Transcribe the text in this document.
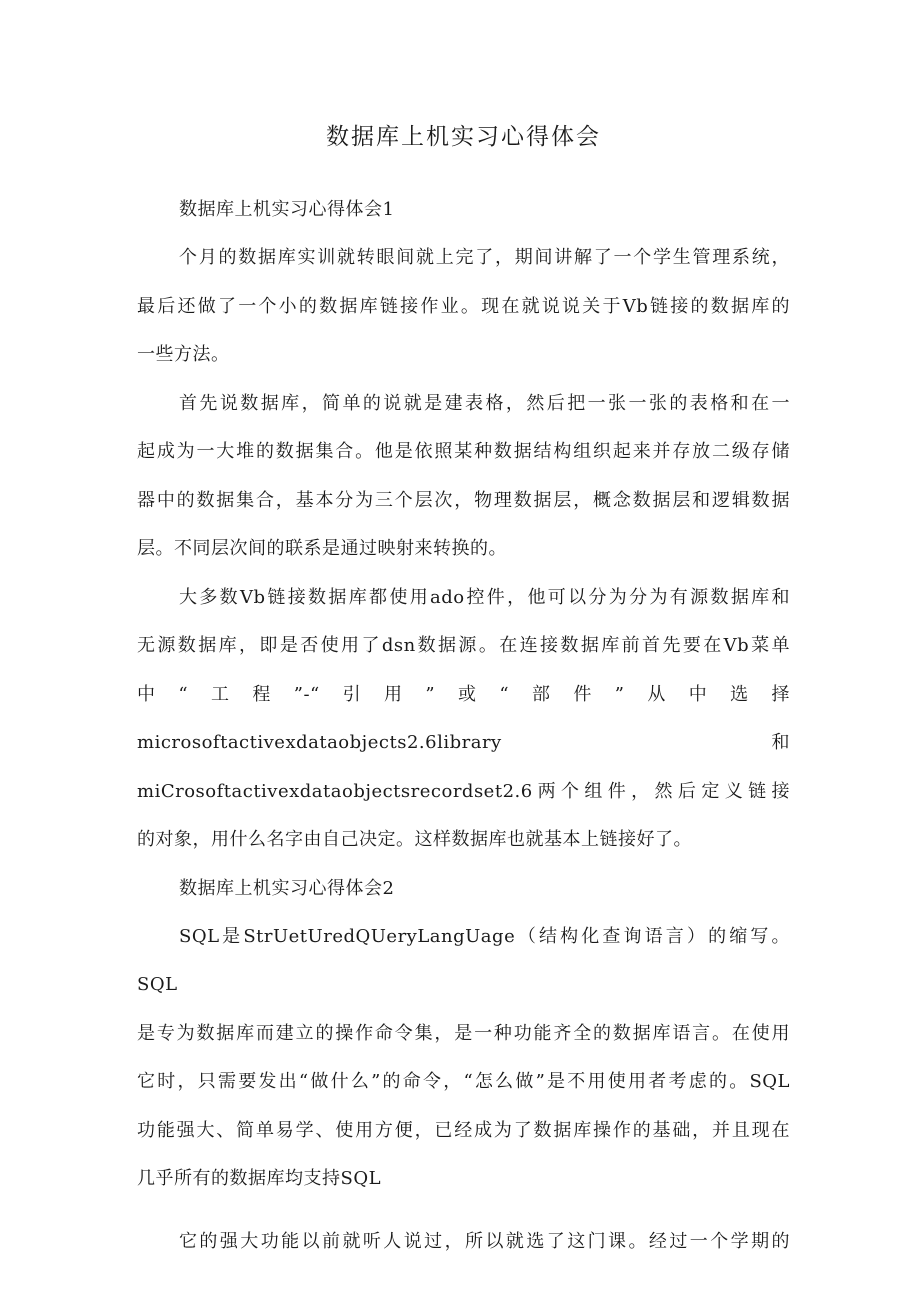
数据库上机实习心得体会

数据库上机实习心得体会1

个月的数据库实训就转眼间就上完了，期间讲解了一个学生管理系统，
最后还做了一个小的数据库链接作业。现在就说说关于Vb链接的数据库的
一些方法。

首先说数据库，简单的说就是建表格，然后把一张一张的表格和在一
起成为一大堆的数据集合。他是依照某种数据结构组织起来并存放二级存储
器中的数据集合，基本分为三个层次，物理数据层，概念数据层和逻辑数据
层。不同层次间的联系是通过映射来转换的。

大多数Vb链接数据库都使用ado控件，他可以分为分为有源数据库和
无源数据库，即是否使用了dsn数据源。在连接数据库前首先要在Vb菜单
中“工程”-“引用”或“部件”从中选择
microsoftactivexdataobjects2.6library 和
miCrosoftactivexdataobjectsrecordset2.6两个组件，然后定义链接
的对象，用什么名字由自己决定。这样数据库也就基本上链接好了。

数据库上机实习心得体会2

SQL是StrUetUredQUeryLangUage（结构化查询语言）的缩写。SQL
是专为数据库而建立的操作命令集，是一种功能齐全的数据库语言。在使用
它时，只需要发出“做什么”的命令，“怎么做”是不用使用者考虑的。SQL
功能强大、简单易学、使用方便，已经成为了数据库操作的基础，并且现在
几乎所有的数据库均支持SQL

它的强大功能以前就听人说过，所以就选了这门课。经过一个学期的
